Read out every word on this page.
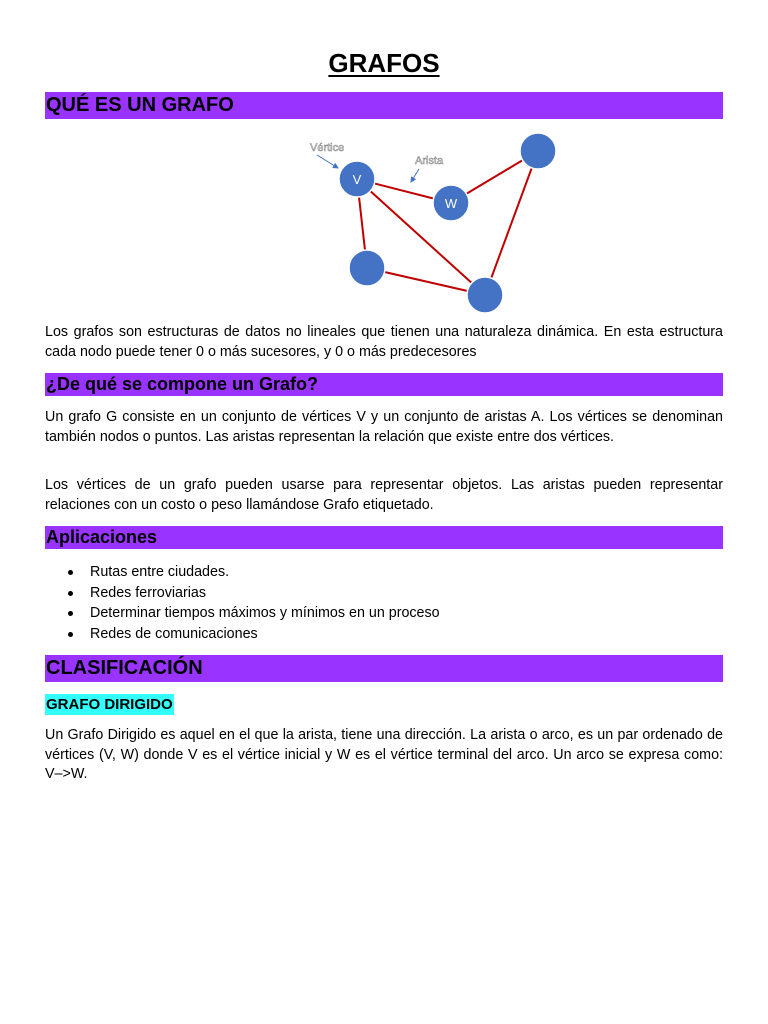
GRAFOS
QUÉ ES UN GRAFO
Vértice
Arista
V
W

Los grafos son estructuras de datos no lineales que tienen una naturaleza dinámica. En esta estructura cada nodo puede tener 0 o más sucesores, y 0 o más predecesores

¿De qué se compone un Grafo?

Un grafo G consiste en un conjunto de vértices V y un conjunto de aristas A. Los vértices se denominan también nodos o puntos. Las aristas representan la relación que existe entre dos vértices.

Los vértices de un grafo pueden usarse para representar objetos. Las aristas pueden representar relaciones con un costo o peso llamándose Grafo etiquetado.

Aplicaciones
Rutas entre ciudades.
Redes ferroviarias
Determinar tiempos máximos y mínimos en un proceso
Redes de comunicaciones
CLASIFICACIÓN
GRAFO DIRIGIDO

Un Grafo Dirigido es aquel en el que la arista, tiene una dirección. La arista o arco, es un par ordenado de vértices (V, W) donde V es el vértice inicial y W es el vértice terminal del arco. Un arco se expresa como: V–>W.
